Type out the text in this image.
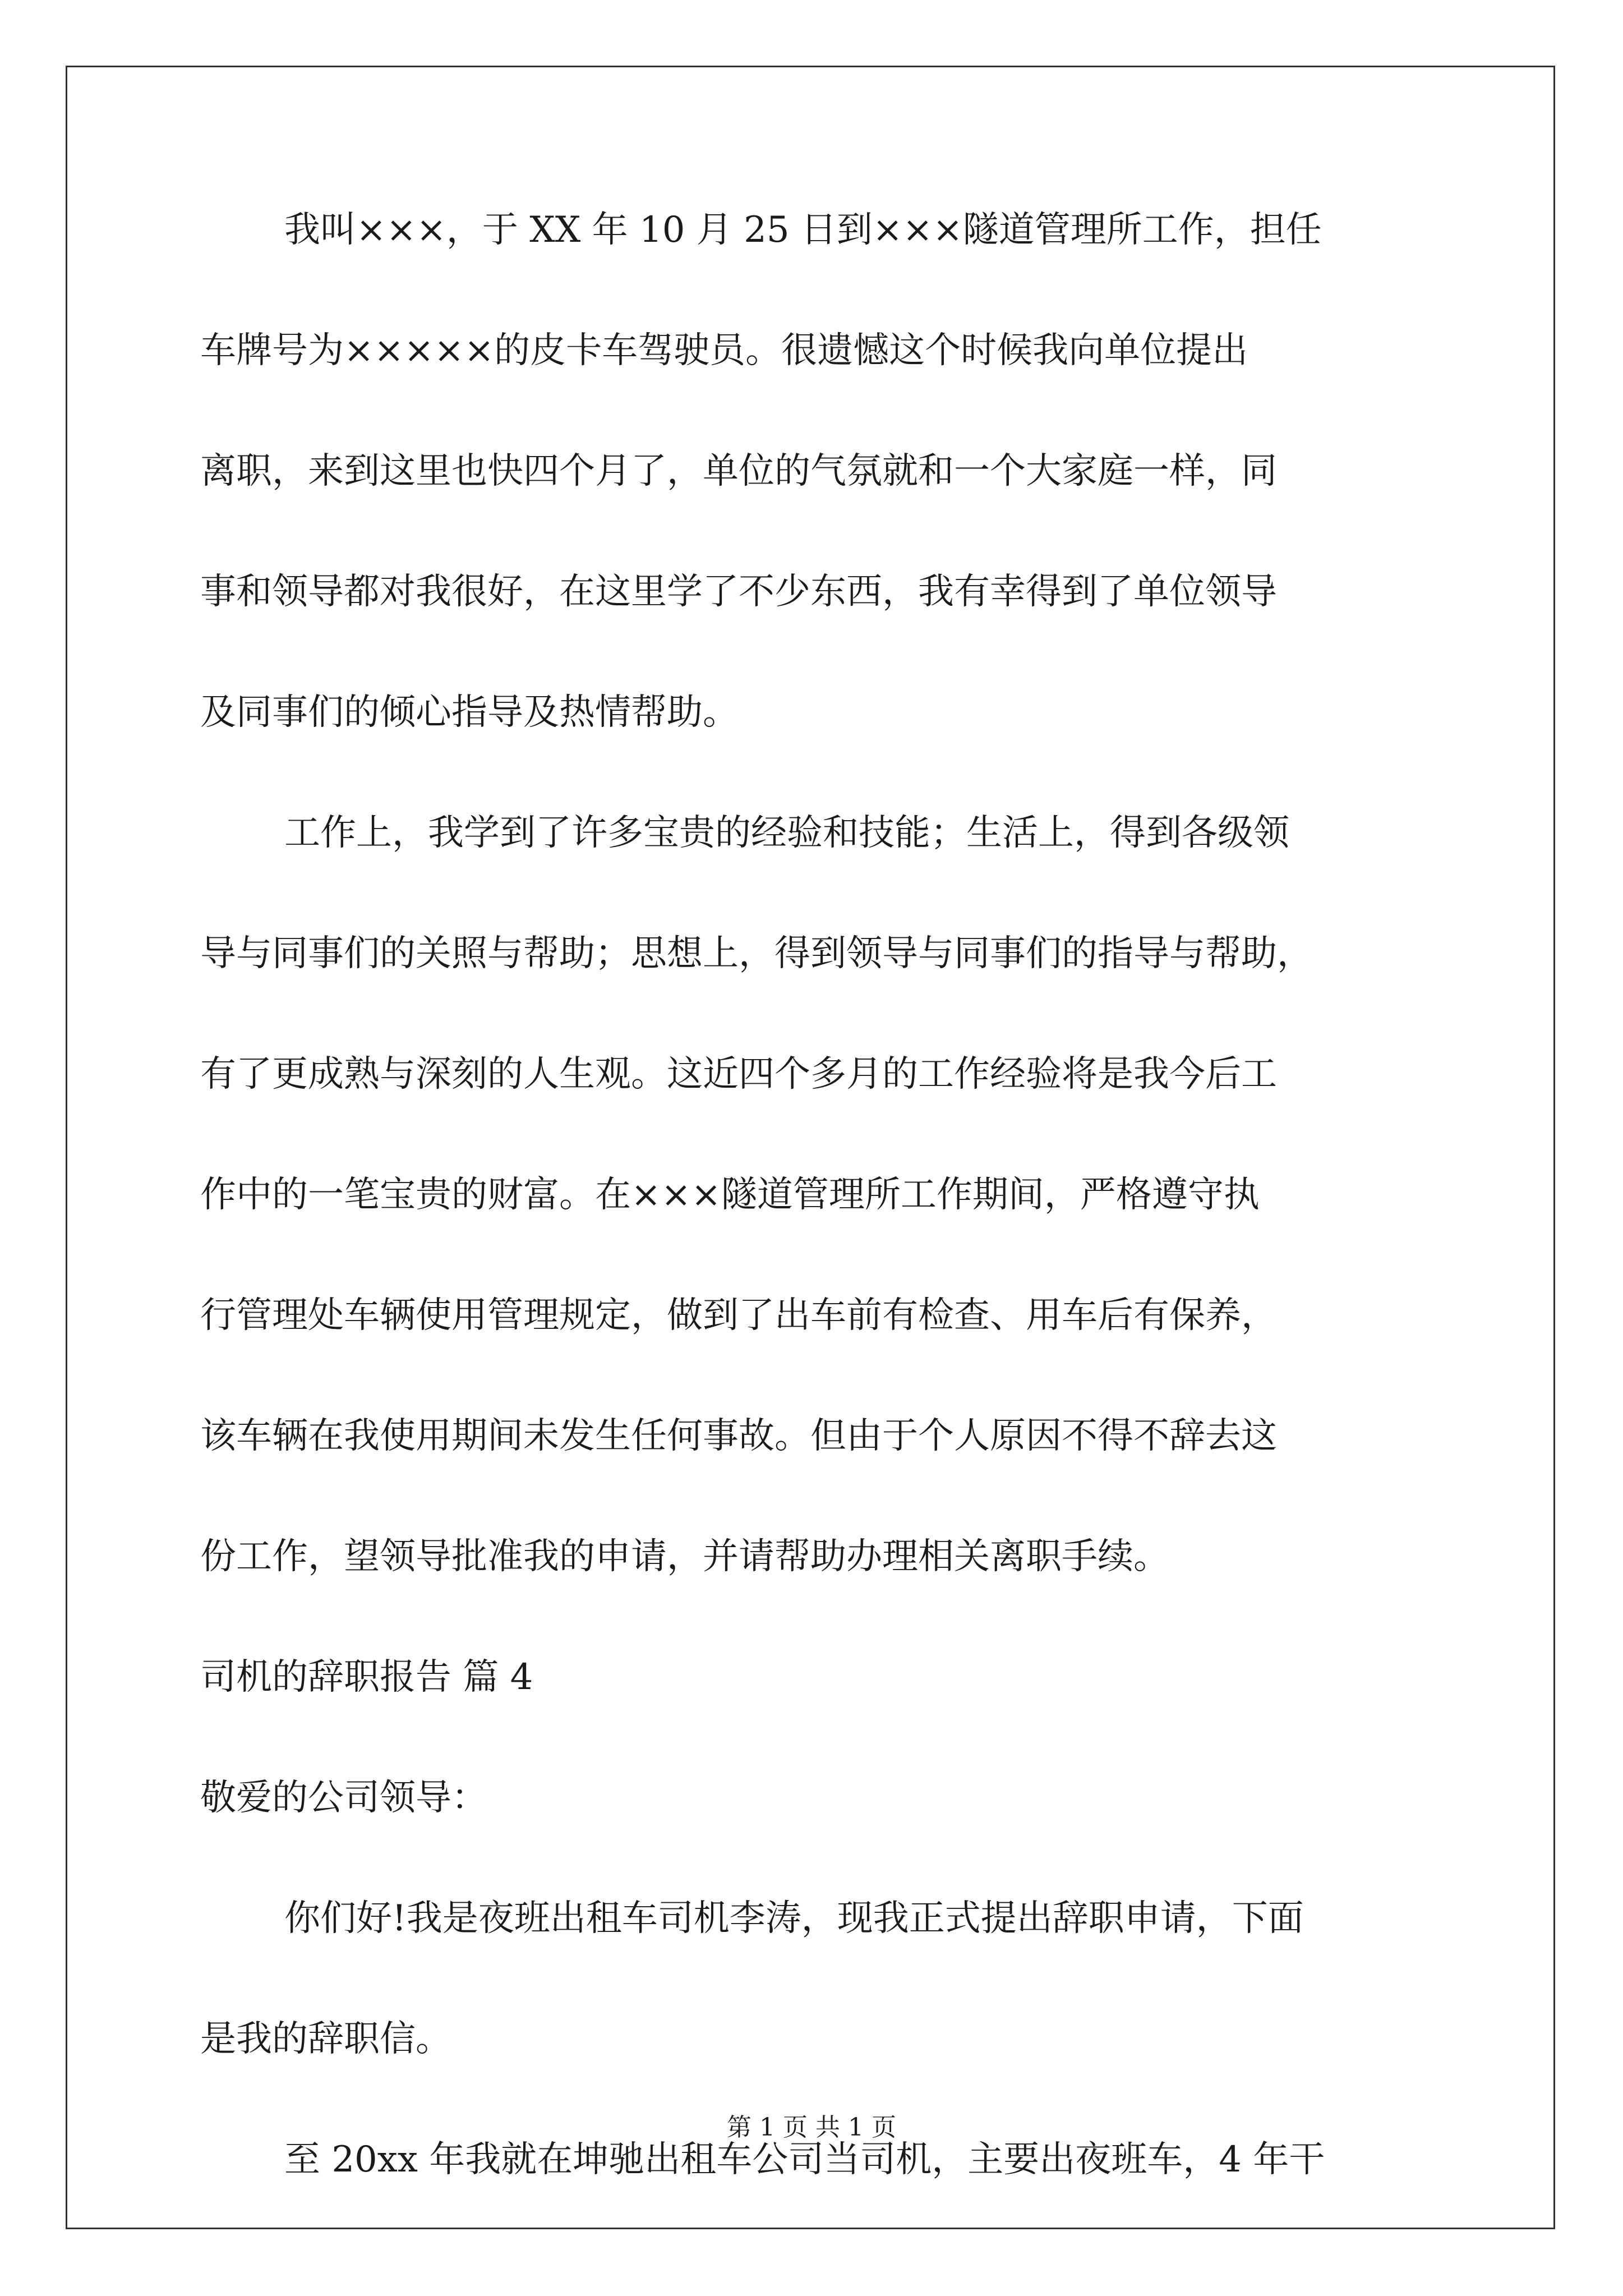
我叫×××，于 XX 年 10 月 25 日到×××隧道管理所工作，担任
车牌号为×××××的皮卡车驾驶员。很遗憾这个时候我向单位提出
离职，来到这里也快四个月了，单位的气氛就和一个大家庭一样，同
事和领导都对我很好，在这里学了不少东西，我有幸得到了单位领导
及同事们的倾心指导及热情帮助。
工作上，我学到了许多宝贵的经验和技能；生活上，得到各级领
导与同事们的关照与帮助；思想上，得到领导与同事们的指导与帮助，
有了更成熟与深刻的人生观。这近四个多月的工作经验将是我今后工
作中的一笔宝贵的财富。在×××隧道管理所工作期间，严格遵守执
行管理处车辆使用管理规定，做到了出车前有检查、用车后有保养，
该车辆在我使用期间未发生任何事故。但由于个人原因不得不辞去这
份工作，望领导批准我的申请，并请帮助办理相关离职手续。
司机的辞职报告 篇 4
敬爱的公司领导：
你们好!我是夜班出租车司机李涛，现我正式提出辞职申请，下面
是我的辞职信。
至 20xx 年我就在坤驰出租车公司当司机，主要出夜班车，4 年干
第 1 页 共 1 页
